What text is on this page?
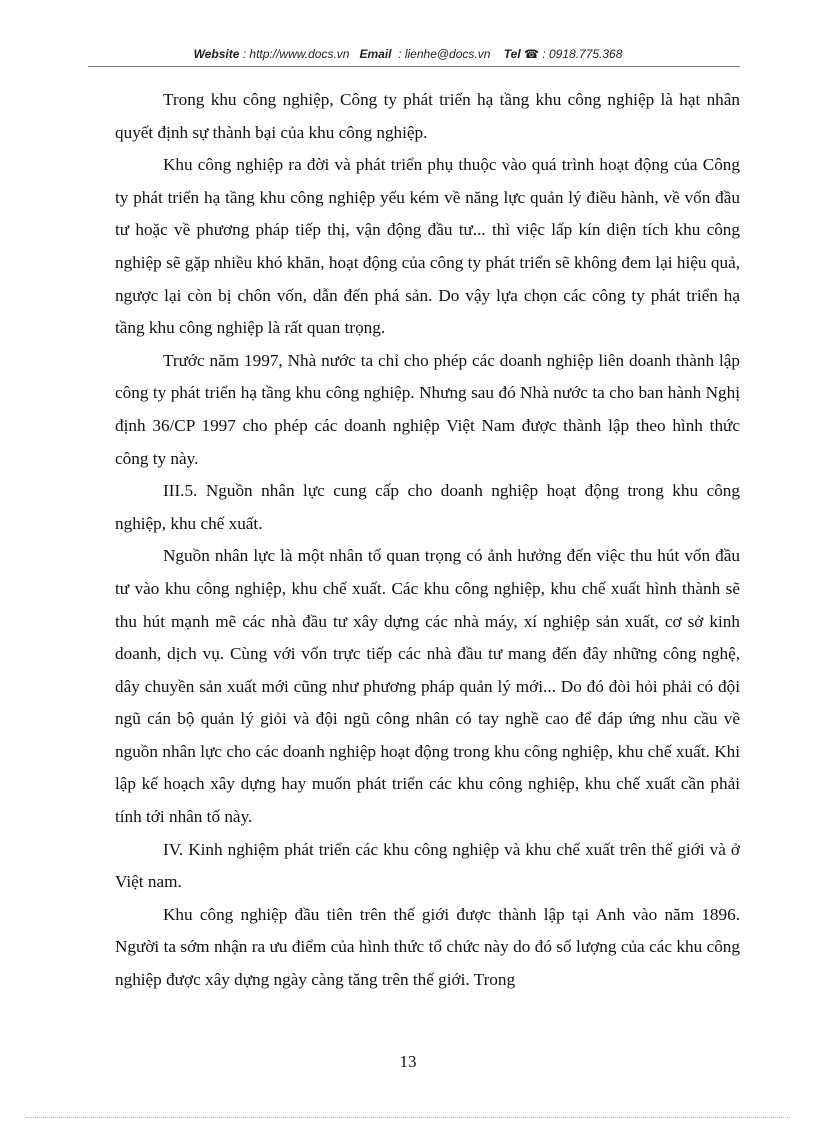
Website : http://www.docs.vn Email  : lienhe@docs.vn Tel ☎ : 0918.775.368

Trong khu công nghiệp, Công ty phát triển hạ tầng khu công nghiệp là hạt nhân quyết định sự thành bại của khu công nghiệp.

Khu công nghiệp ra đời và phát triển phụ thuộc vào quá trình hoạt động của Công ty phát triển hạ tầng khu công nghiệp yếu kém về năng lực quản lý điều hành, về vốn đầu tư hoặc về phương pháp tiếp thị, vận động đầu tư... thì việc lấp kín diện tích khu công nghiệp sẽ gặp nhiều khó khăn, hoạt động của công ty phát triển sẽ không đem lại hiệu quả, ngược lại còn bị chôn vốn, dẫn đến phá sản. Do vậy lựa chọn các công ty phát triển hạ tầng khu công nghiệp là rất quan trọng.

Trước năm 1997, Nhà nước ta chỉ cho phép các doanh nghiệp liên doanh thành lập công ty phát triển hạ tầng khu công nghiệp. Nhưng sau đó Nhà nước ta cho ban hành Nghị định 36/CP 1997 cho phép các doanh nghiệp Việt Nam được thành lập theo hình thức công ty này.

III.5. Nguồn nhân lực cung cấp cho doanh nghiệp hoạt động trong khu công nghiệp, khu chế xuất.

Nguồn nhân lực là một nhân tố quan trọng có ảnh hưởng đến việc thu hút vốn đầu tư vào khu công nghiệp, khu chế xuất. Các khu công nghiệp, khu chế xuất hình thành sẽ thu hút mạnh mẽ các nhà đầu tư xây dựng các nhà máy, xí nghiệp sản xuất, cơ sở kinh doanh, dịch vụ. Cùng với vốn trực tiếp các nhà đầu tư mang đến đây những công nghệ, dây chuyền sản xuất mới cũng như phương pháp quản lý mới... Do đó đòi hỏi phải có đội ngũ cán bộ quản lý giỏi và đội ngũ công nhân có tay nghề cao để đáp ứng nhu cầu về nguồn nhân lực cho các doanh nghiệp hoạt động trong khu công nghiệp, khu chế xuất. Khi lập kế hoạch xây dựng hay muốn phát triển các khu công nghiệp, khu chế xuất cần phải tính tới nhân tố này.

IV. Kinh nghiệm phát triển các khu công nghiệp và khu chế xuất trên thế giới và ở Việt nam.

Khu công nghiệp đầu tiên trên thế giới được thành lập tại Anh vào năm 1896. Người ta sớm nhận ra ưu điểm của hình thức tổ chức này do đó số lượng của các khu công nghiệp được xây dựng ngày càng tăng trên thế giới. Trong

13
